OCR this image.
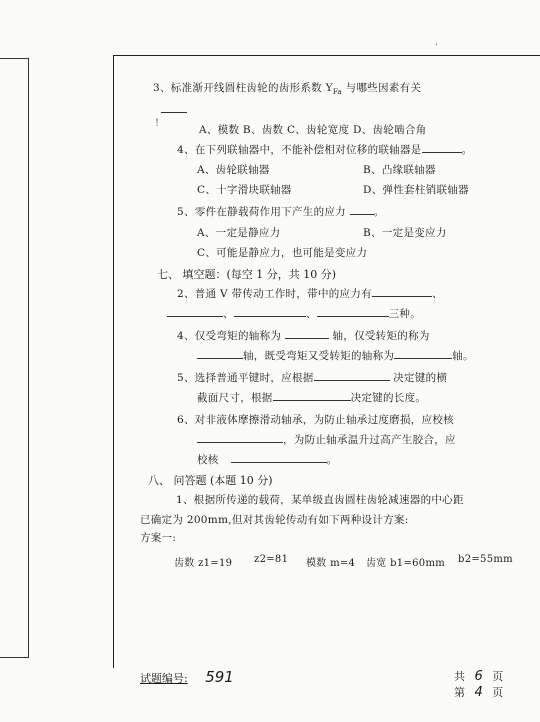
·
!
3、标准渐开线圆柱齿轮的齿形系数 $Y_{Fa}$ 与哪些因素有关
A、模数 B、齿数 C、齿轮宽度 D、齿轮啮合角
4、在下列联轴器中，不能补偿相对位移的联轴器是	。
A、齿轮联轴器	B、凸缘联轴器
C、十字滑块联轴器	D、弹性套柱销联轴器
5、零件在静载荷作用下产生的应力	。
A、一定是静应力	B、一定是变应力
C、可能是静应力，也可能是变应力
七、 填空题：(每空 1 分，共 10 分)
2、普通 V 带传动工作时，带中的应力有	、
、	、	三种。
4、仅受弯矩的轴称为	轴，仅受转矩的称为
轴，既受弯矩又受转矩的轴称为	轴。
5、选择普通平键时，应根据	决定键的横
截面尺寸，根据	决定键的长度。
6、对非液体摩擦滑动轴承，为防止轴承过度磨损，应校核
，为防止轴承温升过高产生胶合，应
校核	。
八、 问答题 (本题 10 分)
1、根据所传递的载荷，某单级直齿圆柱齿轮减速器的中心距
已确定为 200mm,但对其齿轮传动有如下两种设计方案:
方案一:
齿数 z1=19 z2=81 模数 m=4 齿宽 b1=60mm b2=55mm
试题编号: 591	共 6 页
第 4 页
